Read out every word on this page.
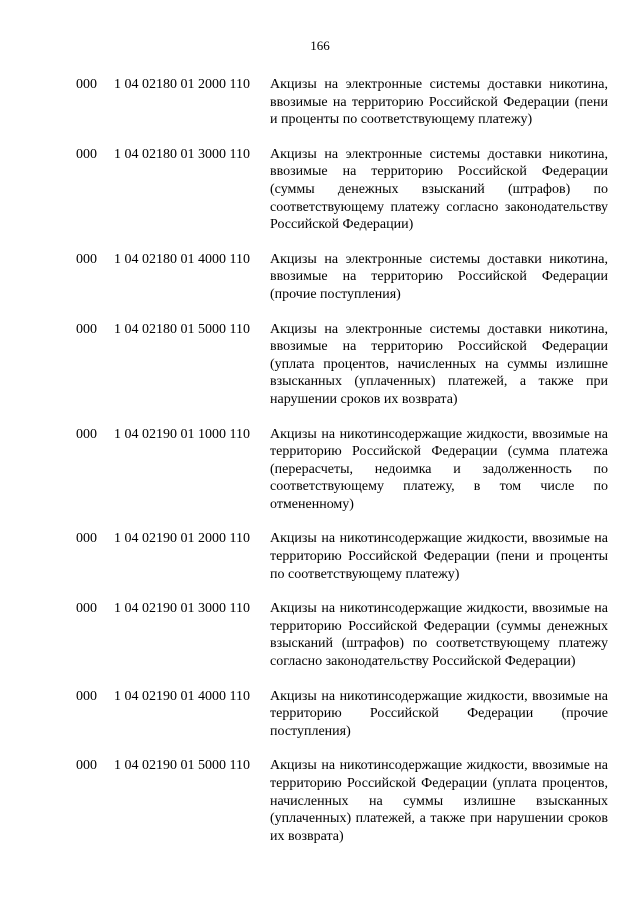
166
000	1 04 02180 01 2000 110	Акцизы на электронные системы доставки никотина, ввозимые на территорию Российской Федерации (пени и проценты по соответствующему платежу)
000	1 04 02180 01 3000 110	Акцизы на электронные системы доставки никотина, ввозимые на территорию Российской Федерации (суммы денежных взысканий (штрафов) по соответствующему платежу согласно законодательству Российской Федерации)
000	1 04 02180 01 4000 110	Акцизы на электронные системы доставки никотина, ввозимые на территорию Российской Федерации (прочие поступления)
000	1 04 02180 01 5000 110	Акцизы на электронные системы доставки никотина, ввозимые на территорию Российской Федерации (уплата процентов, начисленных на суммы излишне взысканных (уплаченных) платежей, а также при нарушении сроков их возврата)
000	1 04 02190 01 1000 110	Акцизы на никотинсодержащие жидкости, ввозимые на территорию Российской Федерации (сумма платежа (перерасчеты, недоимка и задолженность по соответствующему платежу, в том числе по отмененному)
000	1 04 02190 01 2000 110	Акцизы на никотинсодержащие жидкости, ввозимые на территорию Российской Федерации (пени и проценты по соответствующему платежу)
000	1 04 02190 01 3000 110	Акцизы на никотинсодержащие жидкости, ввозимые на территорию Российской Федерации (суммы денежных взысканий (штрафов) по соответствующему платежу согласно законодательству Российской Федерации)
000	1 04 02190 01 4000 110	Акцизы на никотинсодержащие жидкости, ввозимые на территорию Российской Федерации (прочие поступления)
000	1 04 02190 01 5000 110	Акцизы на никотинсодержащие жидкости, ввозимые на территорию Российской Федерации (уплата процентов, начисленных на суммы излишне взысканных (уплаченных) платежей, а также при нарушении сроков их возврата)
